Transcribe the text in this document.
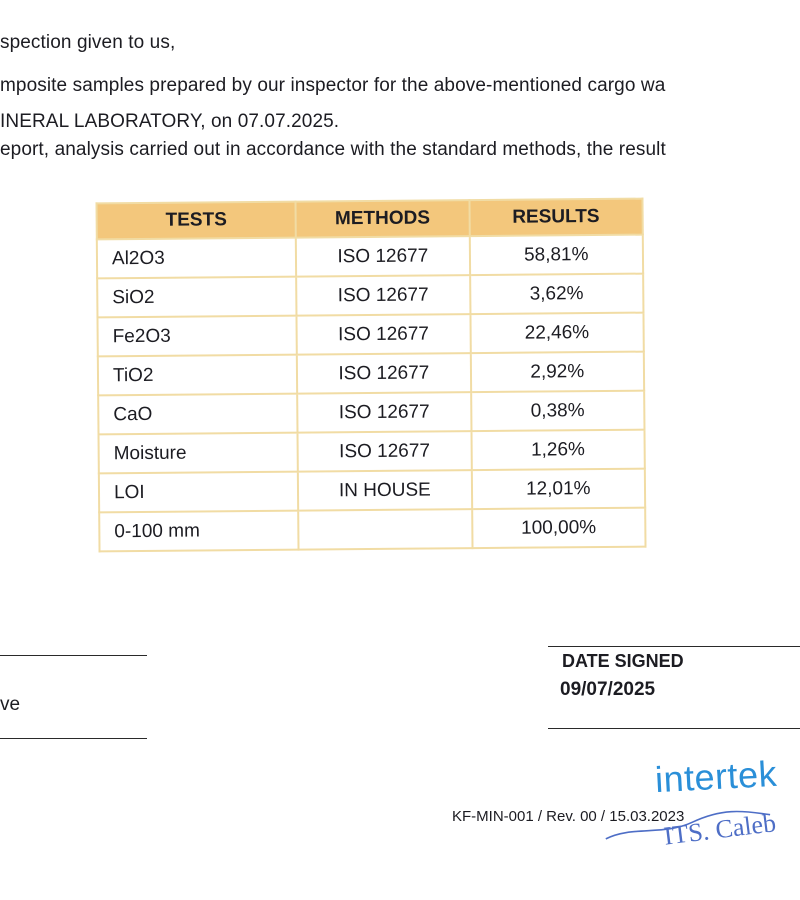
spection given to us,
mposite samples prepared by our inspector for the above-mentioned cargo wa
INERAL LABORATORY, on 07.07.2025.
eport, analysis carried out in accordance with the standard methods, the result
TESTS	METHODS	RESULTS
Al2O3	ISO 12677	58,81%
SiO2	ISO 12677	3,62%
Fe2O3	ISO 12677	22,46%
TiO2	ISO 12677	2,92%
CaO	ISO 12677	0,38%
Moisture	ISO 12677	1,26%
LOI	IN HOUSE	12,01%
0-100 mm		100,00%
ve
DATE SIGNED
09/07/2025
intertek
KF-MIN-001 / Rev. 00 / 15.03.2023
ITS. Caleb
